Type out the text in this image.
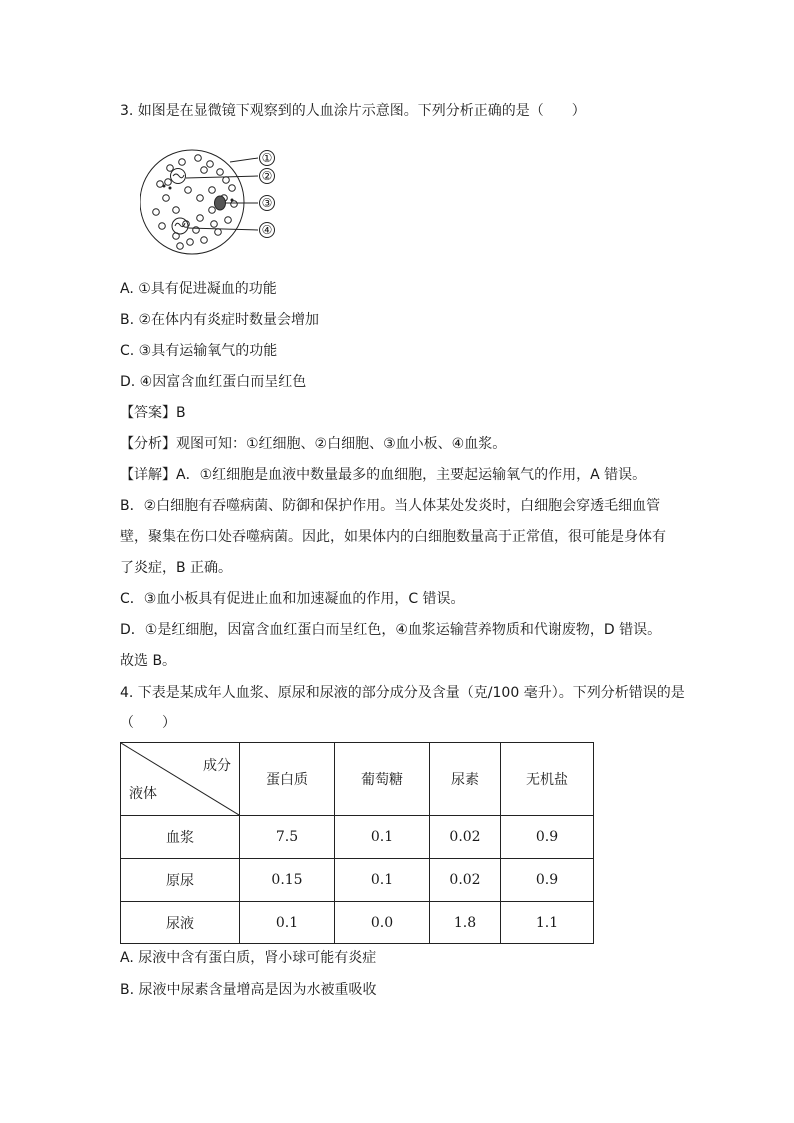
3. 如图是在显微镜下观察到的人血涂片示意图。下列分析正确的是（　　）
①
②
③
④
A. ①具有促进凝血的功能
B. ②在体内有炎症时数量会增加
C. ③具有运输氧气的功能
D. ④因富含血红蛋白而呈红色
【答案】B
【分析】观图可知：①红细胞、②白细胞、③血小板、④血浆。
【详解】A．①红细胞是血液中数量最多的血细胞，主要起运输氧气的作用，A 错误。
B．②白细胞有吞噬病菌、防御和保护作用。当人体某处发炎时，白细胞会穿透毛细血管
壁，聚集在伤口处吞噬病菌。因此，如果体内的白细胞数量高于正常值，很可能是身体有
了炎症，B 正确。
C．③血小板具有促进止血和加速凝血的作用，C 错误。
D．①是红细胞，因富含血红蛋白而呈红色，④血浆运输营养物质和代谢废物，D 错误。
故选 B。
4. 下表是某成年人血浆、原尿和尿液的部分成分及含量（克/100 毫升）。下列分析错误的是
（　　）
成分
液体	蛋白质	葡萄糖	尿素	无机盐
血浆	7.5	0.1	0.02	0.9
原尿	0.15	0.1	0.02	0.9
尿液	0.1	0.0	1.8	1.1
A. 尿液中含有蛋白质，肾小球可能有炎症
B. 尿液中尿素含量增高是因为水被重吸收
